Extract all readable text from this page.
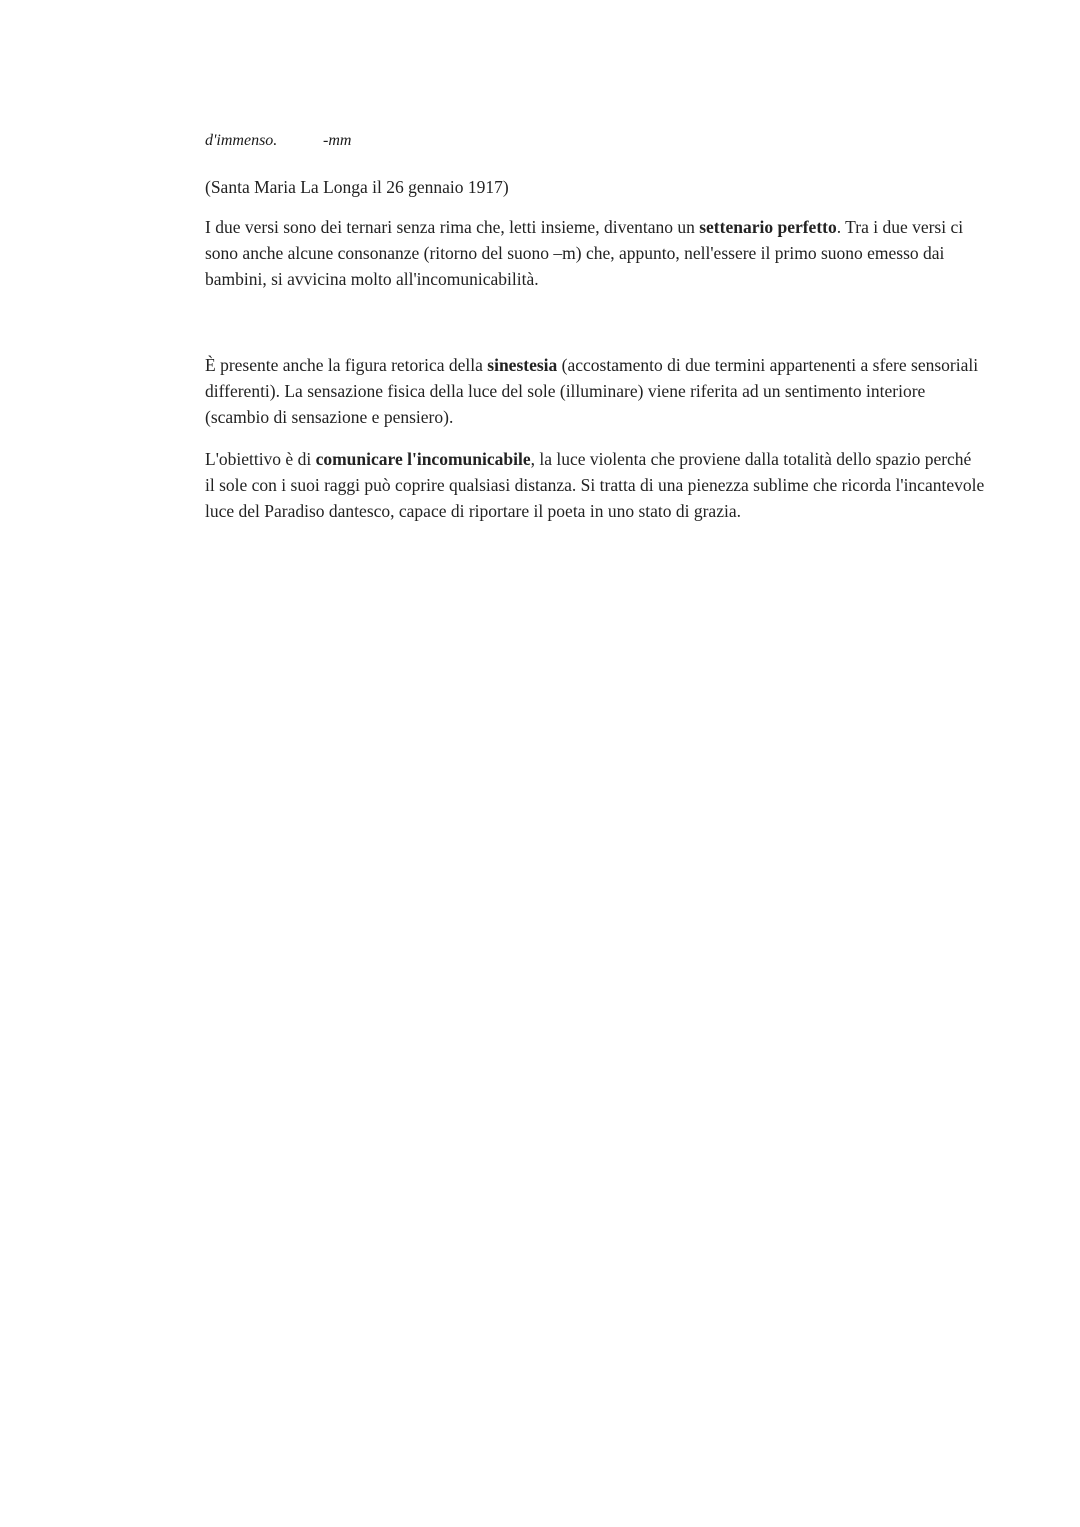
d'immenso.	-mm
(Santa Maria La Longa il 26 gennaio 1917)

I due versi sono dei ternari senza rima che, letti insieme, diventano un settenario perfetto. Tra i due versi ci sono anche alcune consonanze (ritorno del suono –m) che, appunto, nell'essere il primo suono emesso dai bambini, si avvicina molto all'incomunicabilità.

È presente anche la figura retorica della sinestesia (accostamento di due termini appartenenti a sfere sensoriali differenti). La sensazione fisica della luce del sole (illuminare) viene riferita ad un sentimento interiore (scambio di sensazione e pensiero).

L'obiettivo è di comunicare l'incomunicabile, la luce violenta che proviene dalla totalità dello spazio perché il sole con i suoi raggi può coprire qualsiasi distanza. Si tratta di una pienezza sublime che ricorda l'incantevole luce del Paradiso dantesco, capace di riportare il poeta in uno stato di grazia.
